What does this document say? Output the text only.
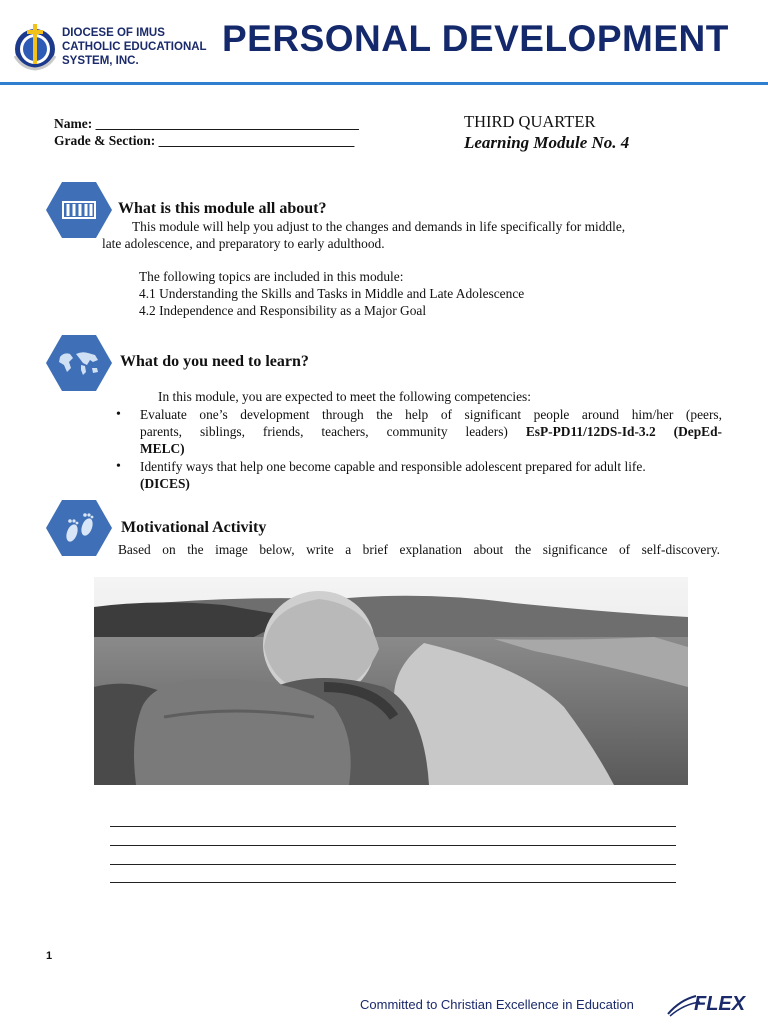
DIOCESE OF IMUS
CATHOLIC EDUCATIONAL
SYSTEM, INC.
PERSONAL DEVELOPMENT
Name: _______________________________________
Grade & Section: _____________________________
THIRD QUARTER
Learning Module No. 4
What is this module all about?
This module will help you adjust to the changes and demands in life specifically for middle,
late adolescence, and preparatory to early adulthood.
The following topics are included in this module:
4.1 Understanding the Skills and Tasks in Middle and Late Adolescence
4.2 Independence and Responsibility as a Major Goal
What do you need to learn?
In this module, you are expected to meet the following competencies:
• Evaluate one’s development through the help of significant people around him/her (peers,
parents, siblings, friends, teachers, community leaders) EsP-PD11/12DS-Id-3.2 (DepEd-
MELC)
• Identify ways that help one become capable and responsible adolescent prepared for adult life.
(DICES)
Motivational Activity
Based on the image below, write a brief explanation about the significance of self-discovery.
1
Committed to Christian Excellence in Education	FLEX
